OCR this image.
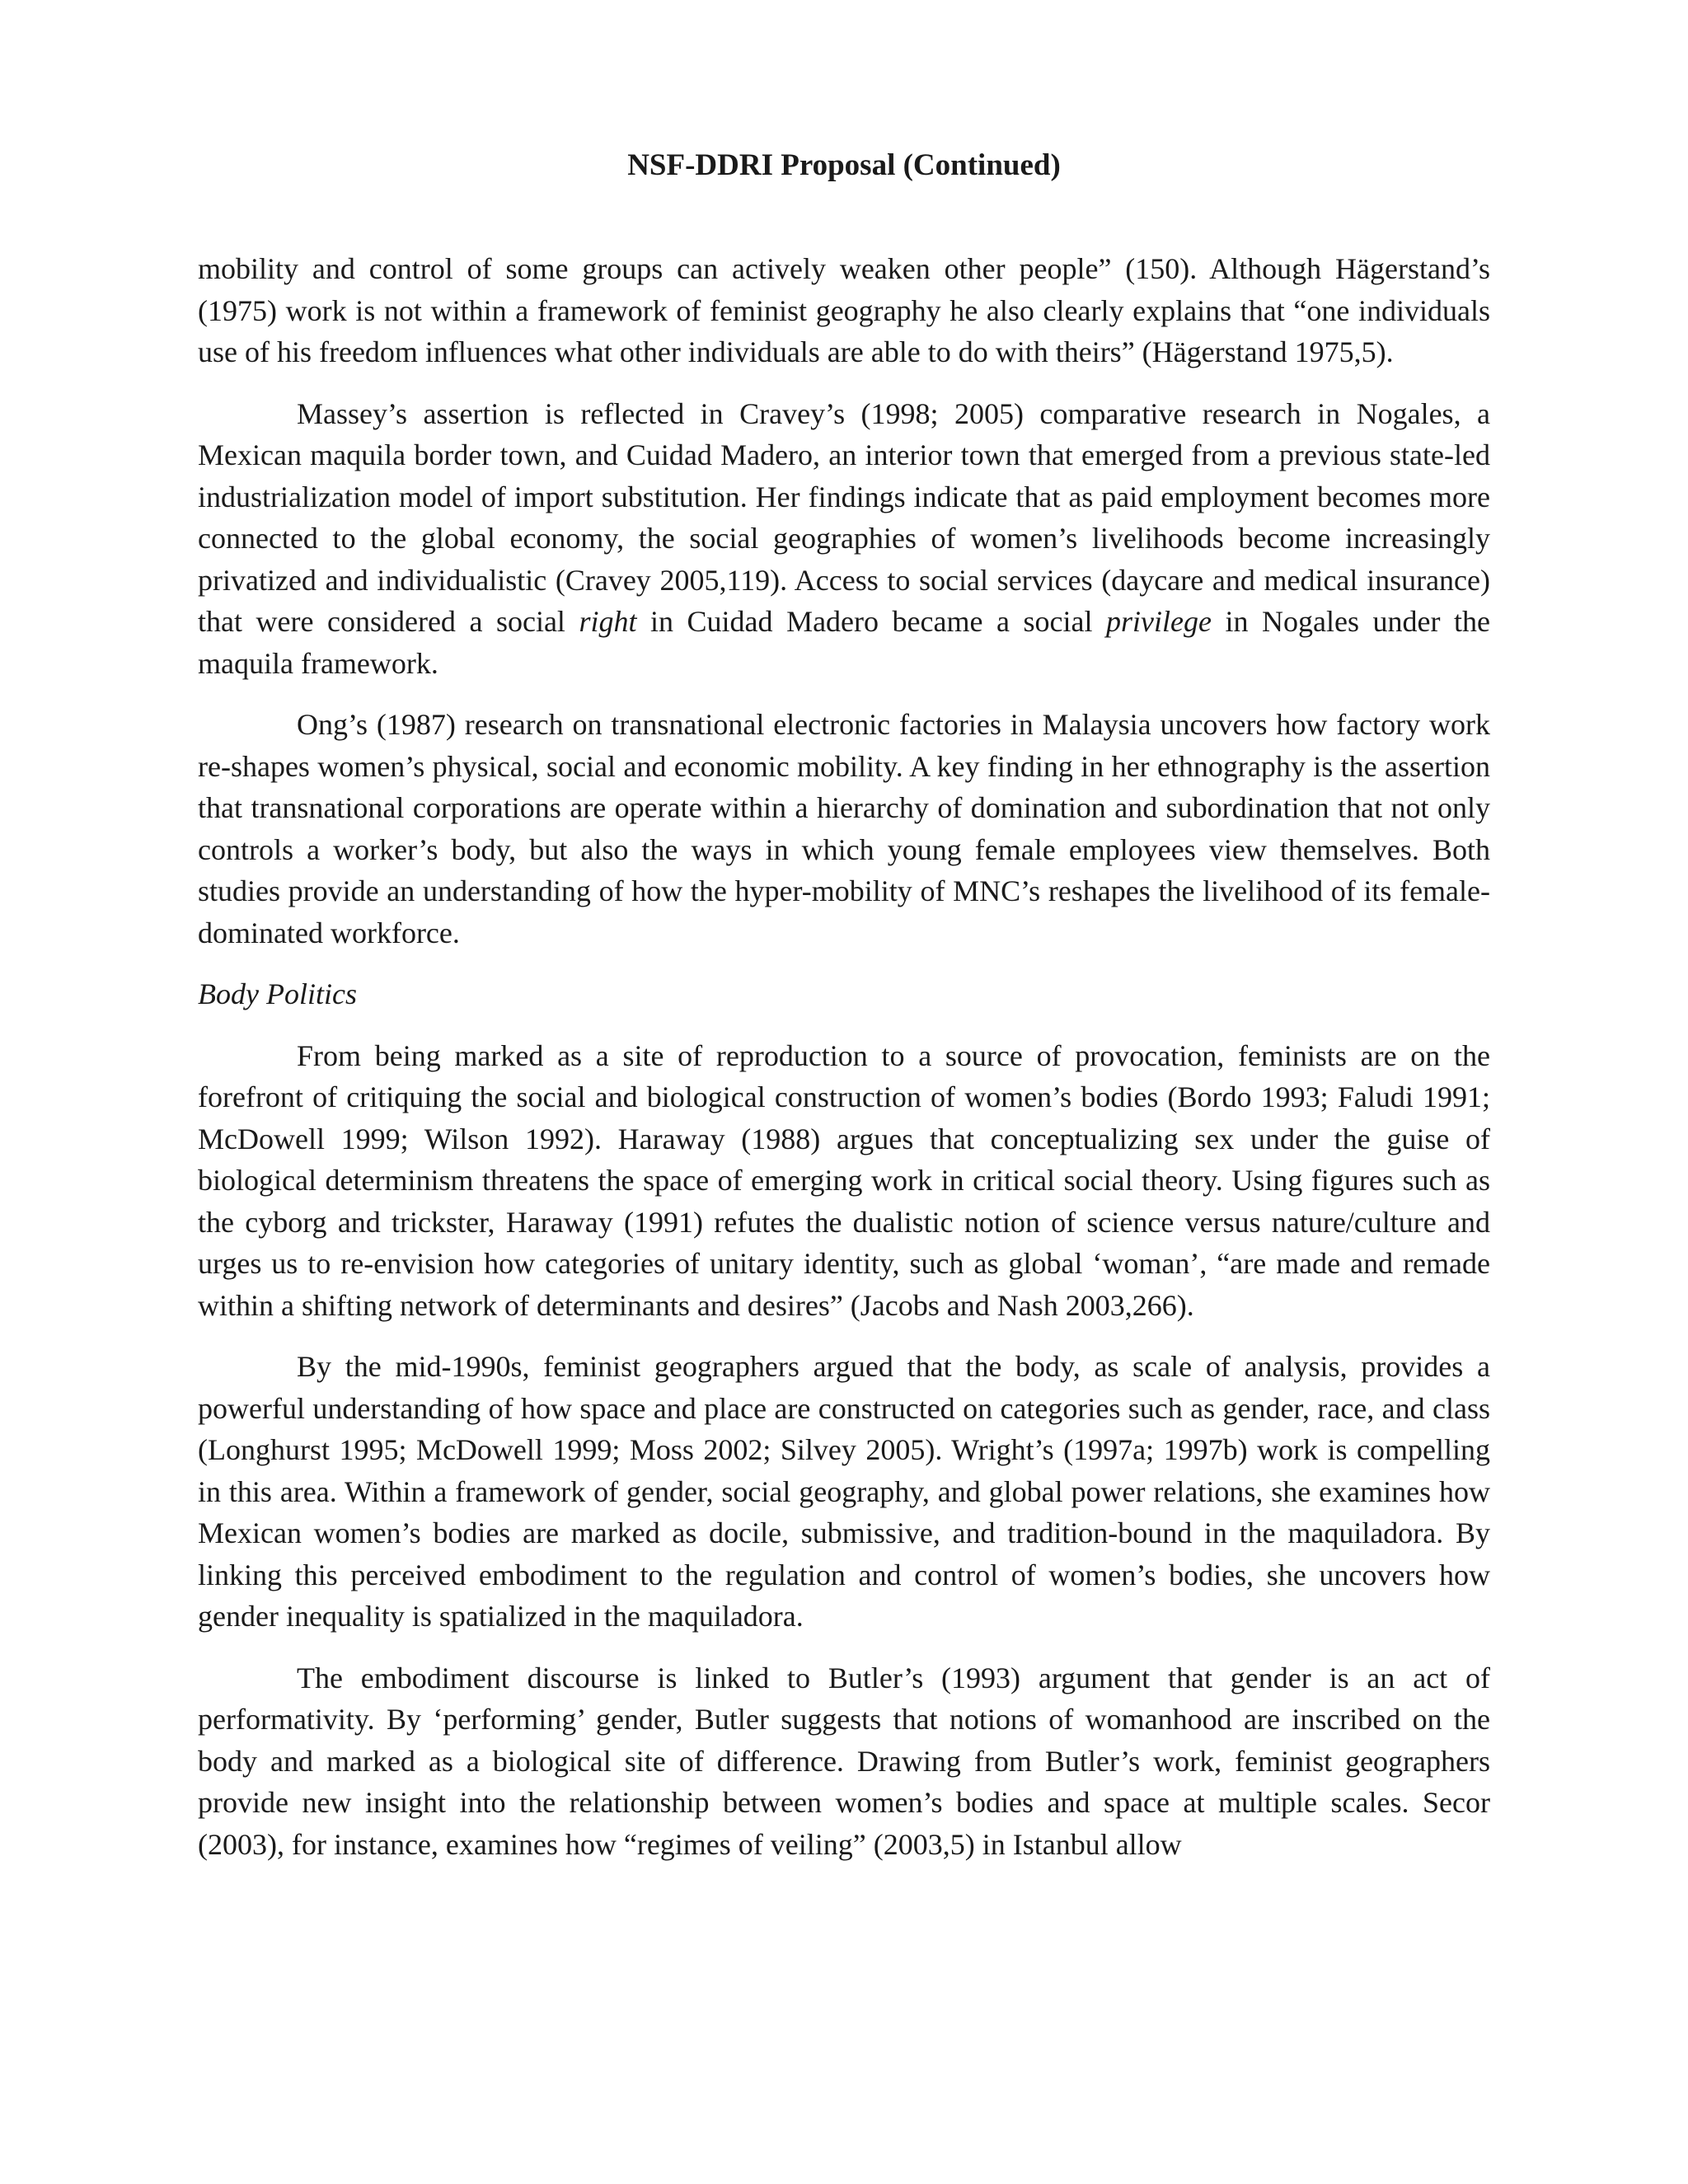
NSF-DDRI Proposal (Continued)

mobility and control of some groups can actively weaken other people” (150). Although Hägerstand’s (1975) work is not within a framework of feminist geography he also clearly explains that “one individuals use of his freedom influences what other individuals are able to do with theirs” (Hägerstand 1975,5).

Massey’s assertion is reflected in Cravey’s (1998; 2005) comparative research in Nogales, a Mexican maquila border town, and Cuidad Madero, an interior town that emerged from a previous state-led industrialization model of import substitution. Her findings indicate that as paid employment becomes more connected to the global economy, the social geographies of women’s livelihoods become increasingly privatized and individualistic (Cravey 2005,119). Access to social services (daycare and medical insurance) that were considered a social right in Cuidad Madero became a social privilege in Nogales under the maquila framework.

Ong’s (1987) research on transnational electronic factories in Malaysia uncovers how factory work re-shapes women’s physical, social and economic mobility. A key finding in her ethnography is the assertion that transnational corporations are operate within a hierarchy of domination and subordination that not only controls a worker’s body, but also the ways in which young female employees view themselves. Both studies provide an understanding of how the hyper-mobility of MNC’s reshapes the livelihood of its female-dominated workforce.

Body Politics

From being marked as a site of reproduction to a source of provocation, feminists are on the forefront of critiquing the social and biological construction of women’s bodies (Bordo 1993; Faludi 1991; McDowell 1999; Wilson 1992). Haraway (1988) argues that conceptualizing sex under the guise of biological determinism threatens the space of emerging work in critical social theory. Using figures such as the cyborg and trickster, Haraway (1991) refutes the dualistic notion of science versus nature/culture and urges us to re-envision how categories of unitary identity, such as global ‘woman’, “are made and remade within a shifting network of determinants and desires” (Jacobs and Nash 2003,266).

By the mid-1990s, feminist geographers argued that the body, as scale of analysis, provides a powerful understanding of how space and place are constructed on categories such as gender, race, and class (Longhurst 1995; McDowell 1999; Moss 2002; Silvey 2005). Wright’s (1997a; 1997b) work is compelling in this area. Within a framework of gender, social geography, and global power relations, she examines how Mexican women’s bodies are marked as docile, submissive, and tradition-bound in the maquiladora. By linking this perceived embodiment to the regulation and control of women’s bodies, she uncovers how gender inequality is spatialized in the maquiladora.

The embodiment discourse is linked to Butler’s (1993) argument that gender is an act of performativity. By ‘performing’ gender, Butler suggests that notions of womanhood are inscribed on the body and marked as a biological site of difference. Drawing from Butler’s work, feminist geographers provide new insight into the relationship between women’s bodies and space at multiple scales. Secor (2003), for instance, examines how “regimes of veiling” (2003,5) in Istanbul allow
